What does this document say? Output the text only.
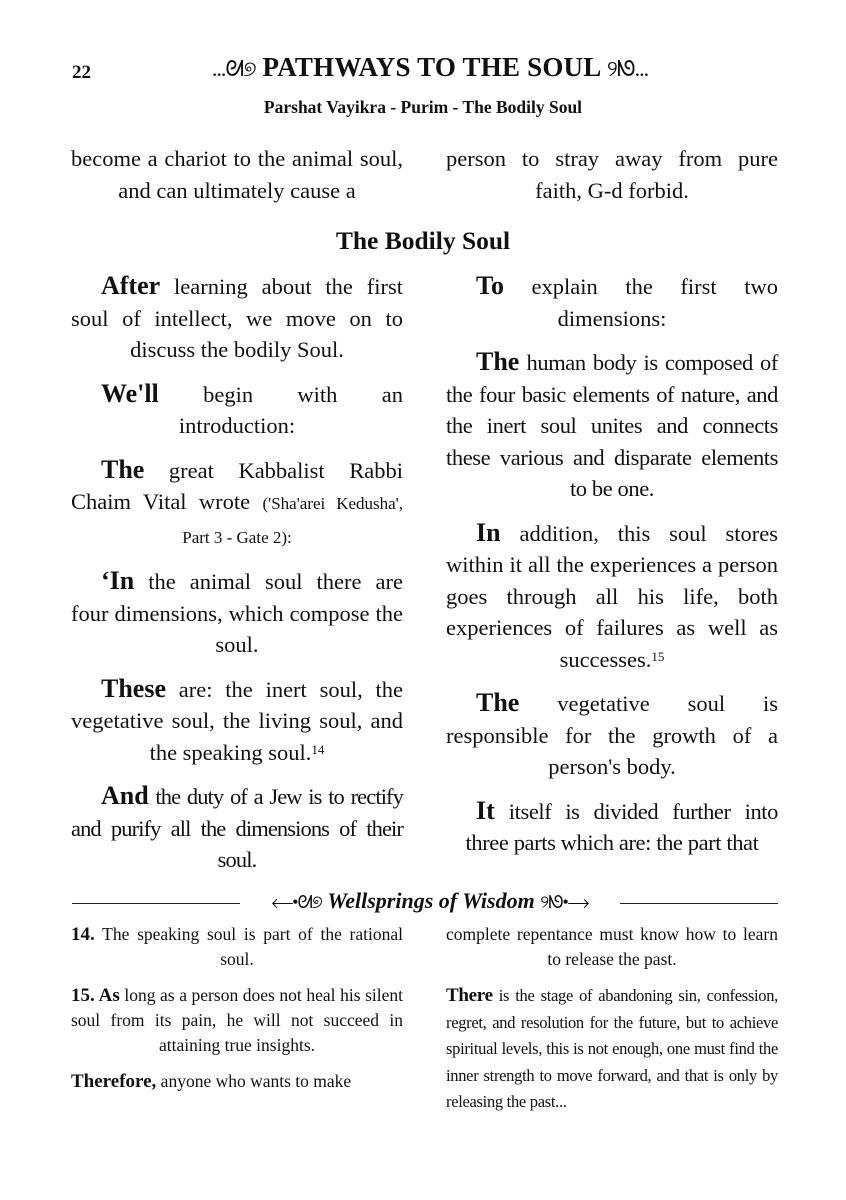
22	...ᘛ୭ PATHWAYS TO THE SOUL ୨ᘚ...
Parshat Vayikra - Purim - The Bodily Soul

become a chariot to the animal soul, and can ultimately cause a

person to stray away from pure faith, G-d forbid.

The Bodily Soul

After learning about the first soul of intellect, we move on to discuss the bodily Soul.

We'll begin with an introduction:

The great Kabbalist Rabbi Chaim Vital wrote ('Sha'arei Kedusha', Part 3 - Gate 2):

‘In the animal soul there are four dimensions, which compose the soul.

These are: the inert soul, the vegetative soul, the living soul, and the speaking soul.$^{14}$

And the duty of a Jew is to rectify and purify all the dimensions of their soul.

To explain the first two dimensions:

The human body is composed of the four basic elements of nature, and the inert soul unites and connects these various and disparate elements to be one.

In addition, this soul stores within it all the experiences a person goes through all his life, both experiences of failures as well as successes.$^{15}$

The vegetative soul is responsible for the growth of a person's body.

It itself is divided further into three parts which are: the part that

⟵•ᘛ୭ Wellsprings of Wisdom ୨ᘚ•⟶

14. The speaking soul is part of the rational soul.

15. As long as a person does not heal his silent soul from its pain, he will not succeed in attaining true insights.

Therefore, anyone who wants to make

complete repentance must know how to learn to release the past.

There is the stage of abandoning sin, confession, regret, and resolution for the future, but to achieve spiritual levels, this is not enough, one must find the inner strength to move forward, and that is only by releasing the past...
